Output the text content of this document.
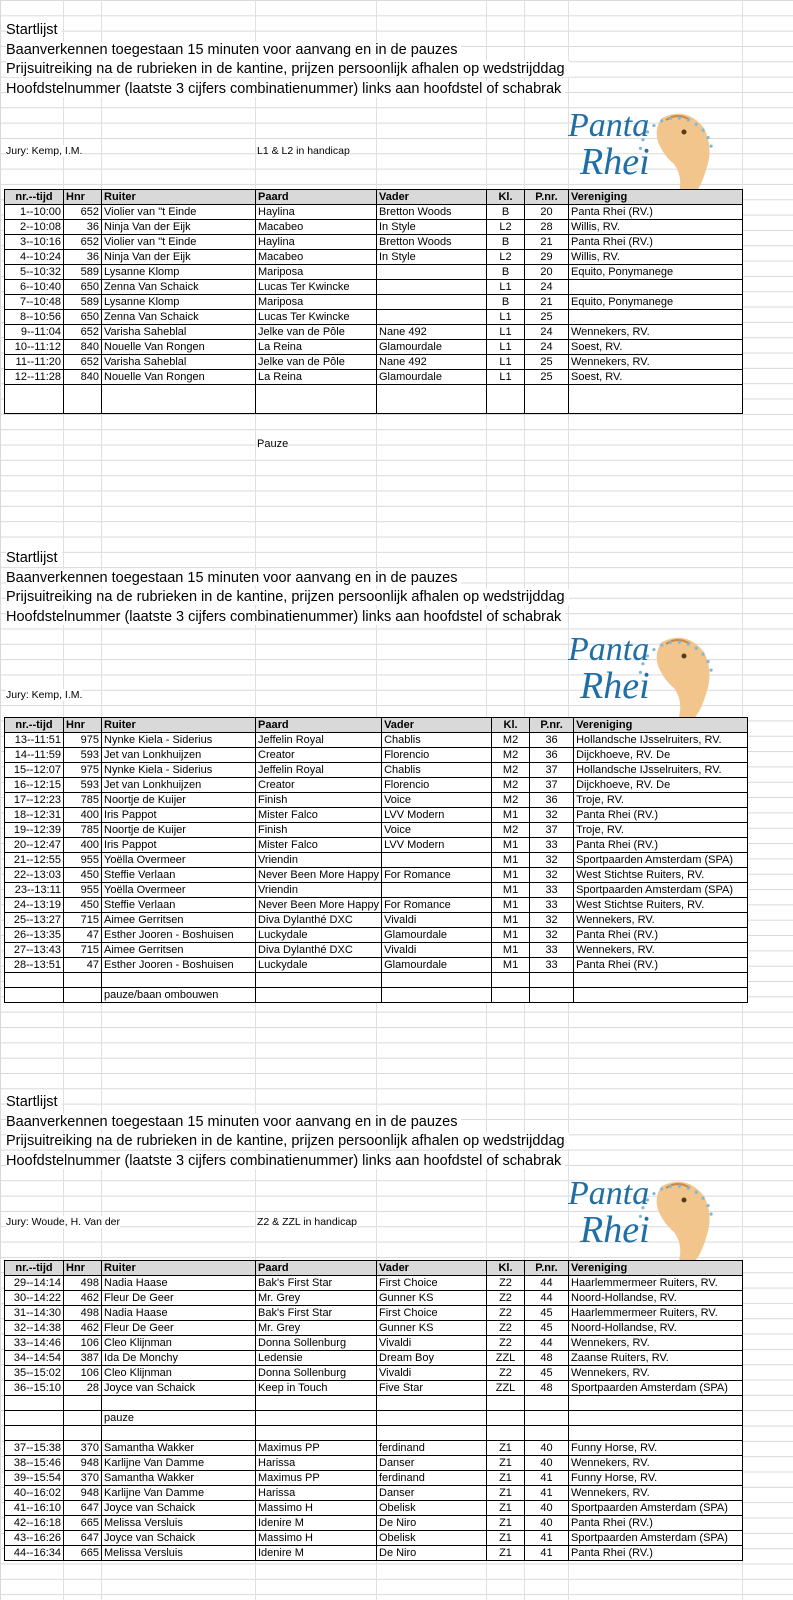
Startlijst
Baanverkennen toegestaan 15 minuten voor aanvang en in de pauzes
Prijsuitreiking na de rubrieken in de kantine, prijzen persoonlijk afhalen op wedstrijddag
Hoofdstelnummer (laatste 3 cijfers combinatienummer) links aan hoofdstel of schabrak
Panta
Rhei
Jury: Kemp, I.M.	L1 & L2 in handicap
nr.--tijd	Hnr	Ruiter	Paard	Vader	Kl.	P.nr.	Vereniging
1--10:00	652	Violier van "t Einde	Haylina	Bretton Woods	B	20	Panta Rhei (RV.)
2--10:08	36	Ninja Van der Eijk	Macabeo	In Style	L2	28	Willis, RV.
3--10:16	652	Violier van "t Einde	Haylina	Bretton Woods	B	21	Panta Rhei (RV.)
4--10:24	36	Ninja Van der Eijk	Macabeo	In Style	L2	29	Willis, RV.
5--10:32	589	Lysanne Klomp	Mariposa		B	20	Equito, Ponymanege
6--10:40	650	Zenna Van Schaick	Lucas Ter Kwincke		L1	24	
7--10:48	589	Lysanne Klomp	Mariposa		B	21	Equito, Ponymanege
8--10:56	650	Zenna Van Schaick	Lucas Ter Kwincke		L1	25	
9--11:04	652	Varisha Saheblal	Jelke van de Pôle	Nane 492	L1	24	Wennekers, RV.
10--11:12	840	Nouelle Van Rongen	La Reina	Glamourdale	L1	24	Soest, RV.
11--11:20	652	Varisha Saheblal	Jelke van de Pôle	Nane 492	L1	25	Wennekers, RV.
12--11:28	840	Nouelle Van Rongen	La Reina	Glamourdale	L1	25	Soest, RV.

Pauze
Startlijst
Baanverkennen toegestaan 15 minuten voor aanvang en in de pauzes
Prijsuitreiking na de rubrieken in de kantine, prijzen persoonlijk afhalen op wedstrijddag
Hoofdstelnummer (laatste 3 cijfers combinatienummer) links aan hoofdstel of schabrak
Panta
Rhei
Jury: Kemp, I.M.
nr.--tijd	Hnr	Ruiter	Paard	Vader	Kl.	P.nr.	Vereniging
13--11:51	975	Nynke Kiela - Siderius	Jeffelin Royal	Chablis	M2	36	Hollandsche IJsselruiters, RV.
14--11:59	593	Jet van Lonkhuijzen	Creator	Florencio	M2	36	Dijckhoeve, RV. De
15--12:07	975	Nynke Kiela - Siderius	Jeffelin Royal	Chablis	M2	37	Hollandsche IJsselruiters, RV.
16--12:15	593	Jet van Lonkhuijzen	Creator	Florencio	M2	37	Dijckhoeve, RV. De
17--12:23	785	Noortje de Kuijer	Finish	Voice	M2	36	Troje, RV.
18--12:31	400	Iris Pappot	Mister Falco	LVV Modern	M1	32	Panta Rhei (RV.)
19--12:39	785	Noortje de Kuijer	Finish	Voice	M2	37	Troje, RV.
20--12:47	400	Iris Pappot	Mister Falco	LVV Modern	M1	33	Panta Rhei (RV.)
21--12:55	955	Yoëlla Overmeer	Vriendin		M1	32	Sportpaarden Amsterdam (SPA)
22--13:03	450	Steffie Verlaan	Never Been More Happy	For Romance	M1	32	West Stichtse Ruiters, RV.
23--13:11	955	Yoëlla Overmeer	Vriendin		M1	33	Sportpaarden Amsterdam (SPA)
24--13:19	450	Steffie Verlaan	Never Been More Happy	For Romance	M1	33	West Stichtse Ruiters, RV.
25--13:27	715	Aimee Gerritsen	Diva Dylanthé DXC	Vivaldi	M1	32	Wennekers, RV.
26--13:35	47	Esther Jooren - Boshuisen	Luckydale	Glamourdale	M1	32	Panta Rhei (RV.)
27--13:43	715	Aimee Gerritsen	Diva Dylanthé DXC	Vivaldi	M1	33	Wennekers, RV.
28--13:51	47	Esther Jooren - Boshuisen	Luckydale	Glamourdale	M1	33	Panta Rhei (RV.)

		pauze/baan ombouwen					
Startlijst
Baanverkennen toegestaan 15 minuten voor aanvang en in de pauzes
Prijsuitreiking na de rubrieken in de kantine, prijzen persoonlijk afhalen op wedstrijddag
Hoofdstelnummer (laatste 3 cijfers combinatienummer) links aan hoofdstel of schabrak
Panta
Rhei
Jury: Woude, H. Van der	Z2 & ZZL in handicap
nr.--tijd	Hnr	Ruiter	Paard	Vader	Kl.	P.nr.	Vereniging
29--14:14	498	Nadia Haase	Bak's First Star	First Choice	Z2	44	Haarlemmermeer Ruiters, RV.
30--14:22	462	Fleur De Geer	Mr. Grey	Gunner KS	Z2	44	Noord-Hollandse, RV.
31--14:30	498	Nadia Haase	Bak's First Star	First Choice	Z2	45	Haarlemmermeer Ruiters, RV.
32--14:38	462	Fleur De Geer	Mr. Grey	Gunner KS	Z2	45	Noord-Hollandse, RV.
33--14:46	106	Cleo Klijnman	Donna Sollenburg	Vivaldi	Z2	44	Wennekers, RV.
34--14:54	387	Ida De Monchy	Ledensie	Dream Boy	ZZL	48	Zaanse Ruiters, RV.
35--15:02	106	Cleo Klijnman	Donna Sollenburg	Vivaldi	Z2	45	Wennekers, RV.
36--15:10	28	Joyce van Schaick	Keep in Touch	Five Star	ZZL	48	Sportpaarden Amsterdam (SPA)

		pauze					

37--15:38	370	Samantha Wakker	Maximus PP	ferdinand	Z1	40	Funny Horse, RV.
38--15:46	948	Karlijne Van Damme	Harissa	Danser	Z1	40	Wennekers, RV.
39--15:54	370	Samantha Wakker	Maximus PP	ferdinand	Z1	41	Funny Horse, RV.
40--16:02	948	Karlijne Van Damme	Harissa	Danser	Z1	41	Wennekers, RV.
41--16:10	647	Joyce van Schaick	Massimo H	Obelisk	Z1	40	Sportpaarden Amsterdam (SPA)
42--16:18	665	Melissa Versluis	Idenire M	De Niro	Z1	40	Panta Rhei (RV.)
43--16:26	647	Joyce van Schaick	Massimo H	Obelisk	Z1	41	Sportpaarden Amsterdam (SPA)
44--16:34	665	Melissa Versluis	Idenire M	De Niro	Z1	41	Panta Rhei (RV.)
